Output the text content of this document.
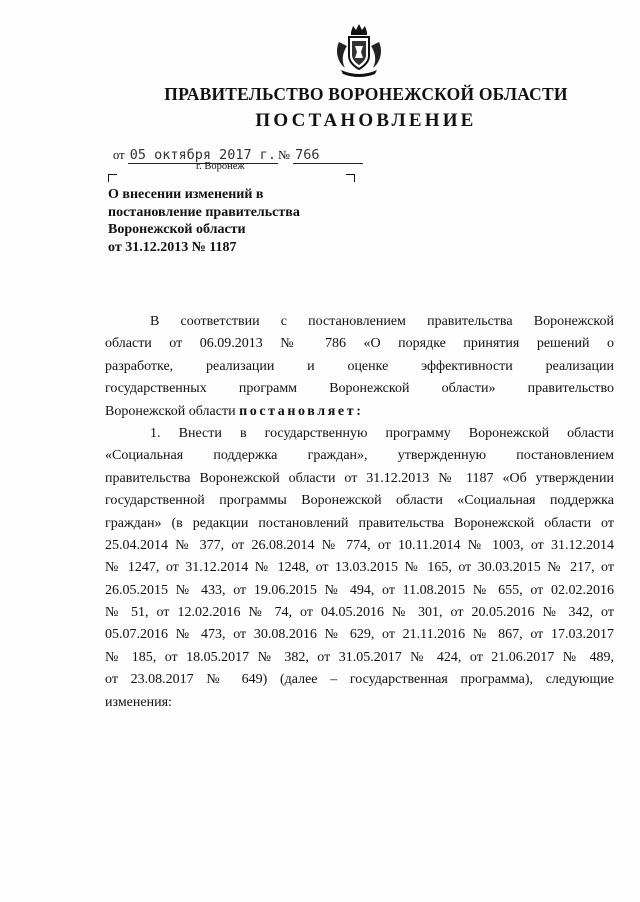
ПРАВИТЕЛЬСТВО ВОРОНЕЖСКОЙ ОБЛАСТИ
ПОСТАНОВЛЕНИЕ
от 05 октября 2017 г. № 766
г. Воронеж
О внесении изменений в
постановление правительства
Воронежской области
от 31.12.2013 № 1187
В соответствии с постановлением правительства Воронежской
области от 06.09.2013 № 786 «О порядке принятия решений о
разработке, реализации и оценке эффективности реализации
государственных программ Воронежской области» правительство
Воронежской области постановляет:
1. Внести в государственную программу Воронежской области
«Социальная поддержка граждан», утвержденную постановлением
правительства Воронежской области от 31.12.2013 № 1187 «Об утверждении
государственной программы Воронежской области «Социальная поддержка
граждан» (в редакции постановлений правительства Воронежской области от
25.04.2014 № 377, от 26.08.2014 № 774, от 10.11.2014 № 1003, от 31.12.2014
№ 1247, от 31.12.2014 № 1248, от 13.03.2015 № 165, от 30.03.2015 № 217, от
26.05.2015 № 433, от 19.06.2015 № 494, от 11.08.2015 № 655, от 02.02.2016
№ 51, от 12.02.2016 № 74, от 04.05.2016 № 301, от 20.05.2016 № 342, от
05.07.2016 № 473, от 30.08.2016 № 629, от 21.11.2016 № 867, от 17.03.2017
№ 185, от 18.05.2017 № 382, от 31.05.2017 № 424, от 21.06.2017 № 489,
от 23.08.2017 № 649) (далее – государственная программа), следующие
изменения:
